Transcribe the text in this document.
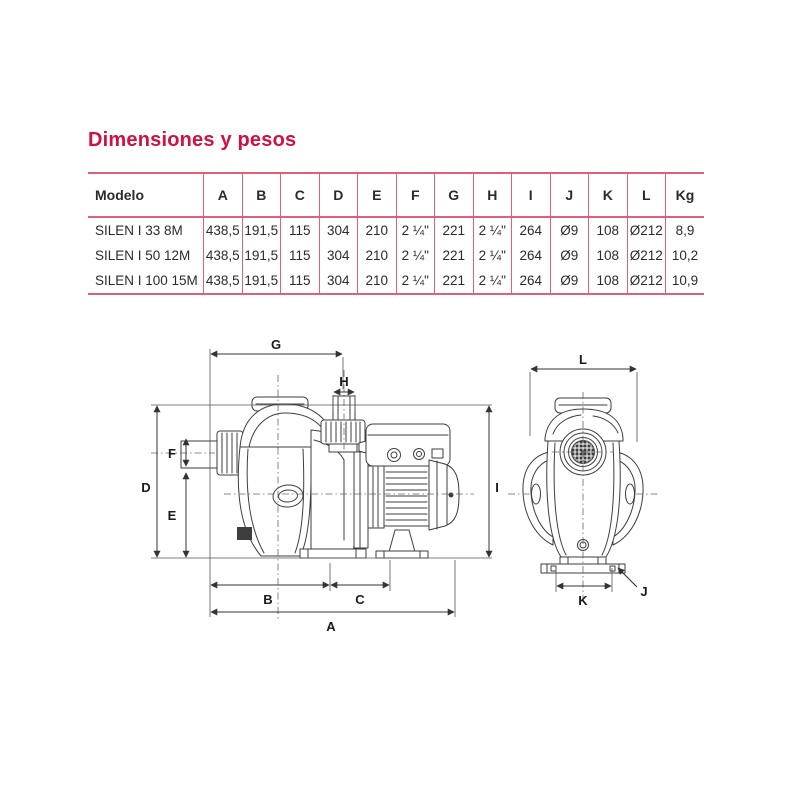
Dimensiones y pesos
Modelo	A	B	C	D	E	F	G	H	I	J	K	L	Kg
SILEN I 33 8M	438,5	191,5	115	304	210	2 ¼"	221	2 ¼"	264	Ø9	108	Ø212	8,9
SILEN I 50 12M	438,5	191,5	115	304	210	2 ¼"	221	2 ¼"	264	Ø9	108	Ø212	10,2
SILEN I 100 15M	438,5	191,5	115	304	210	2 ¼"	221	2 ¼"	264	Ø9	108	Ø212	10,9
G
H
D
F
E
I
B	C
A
L
K
J
